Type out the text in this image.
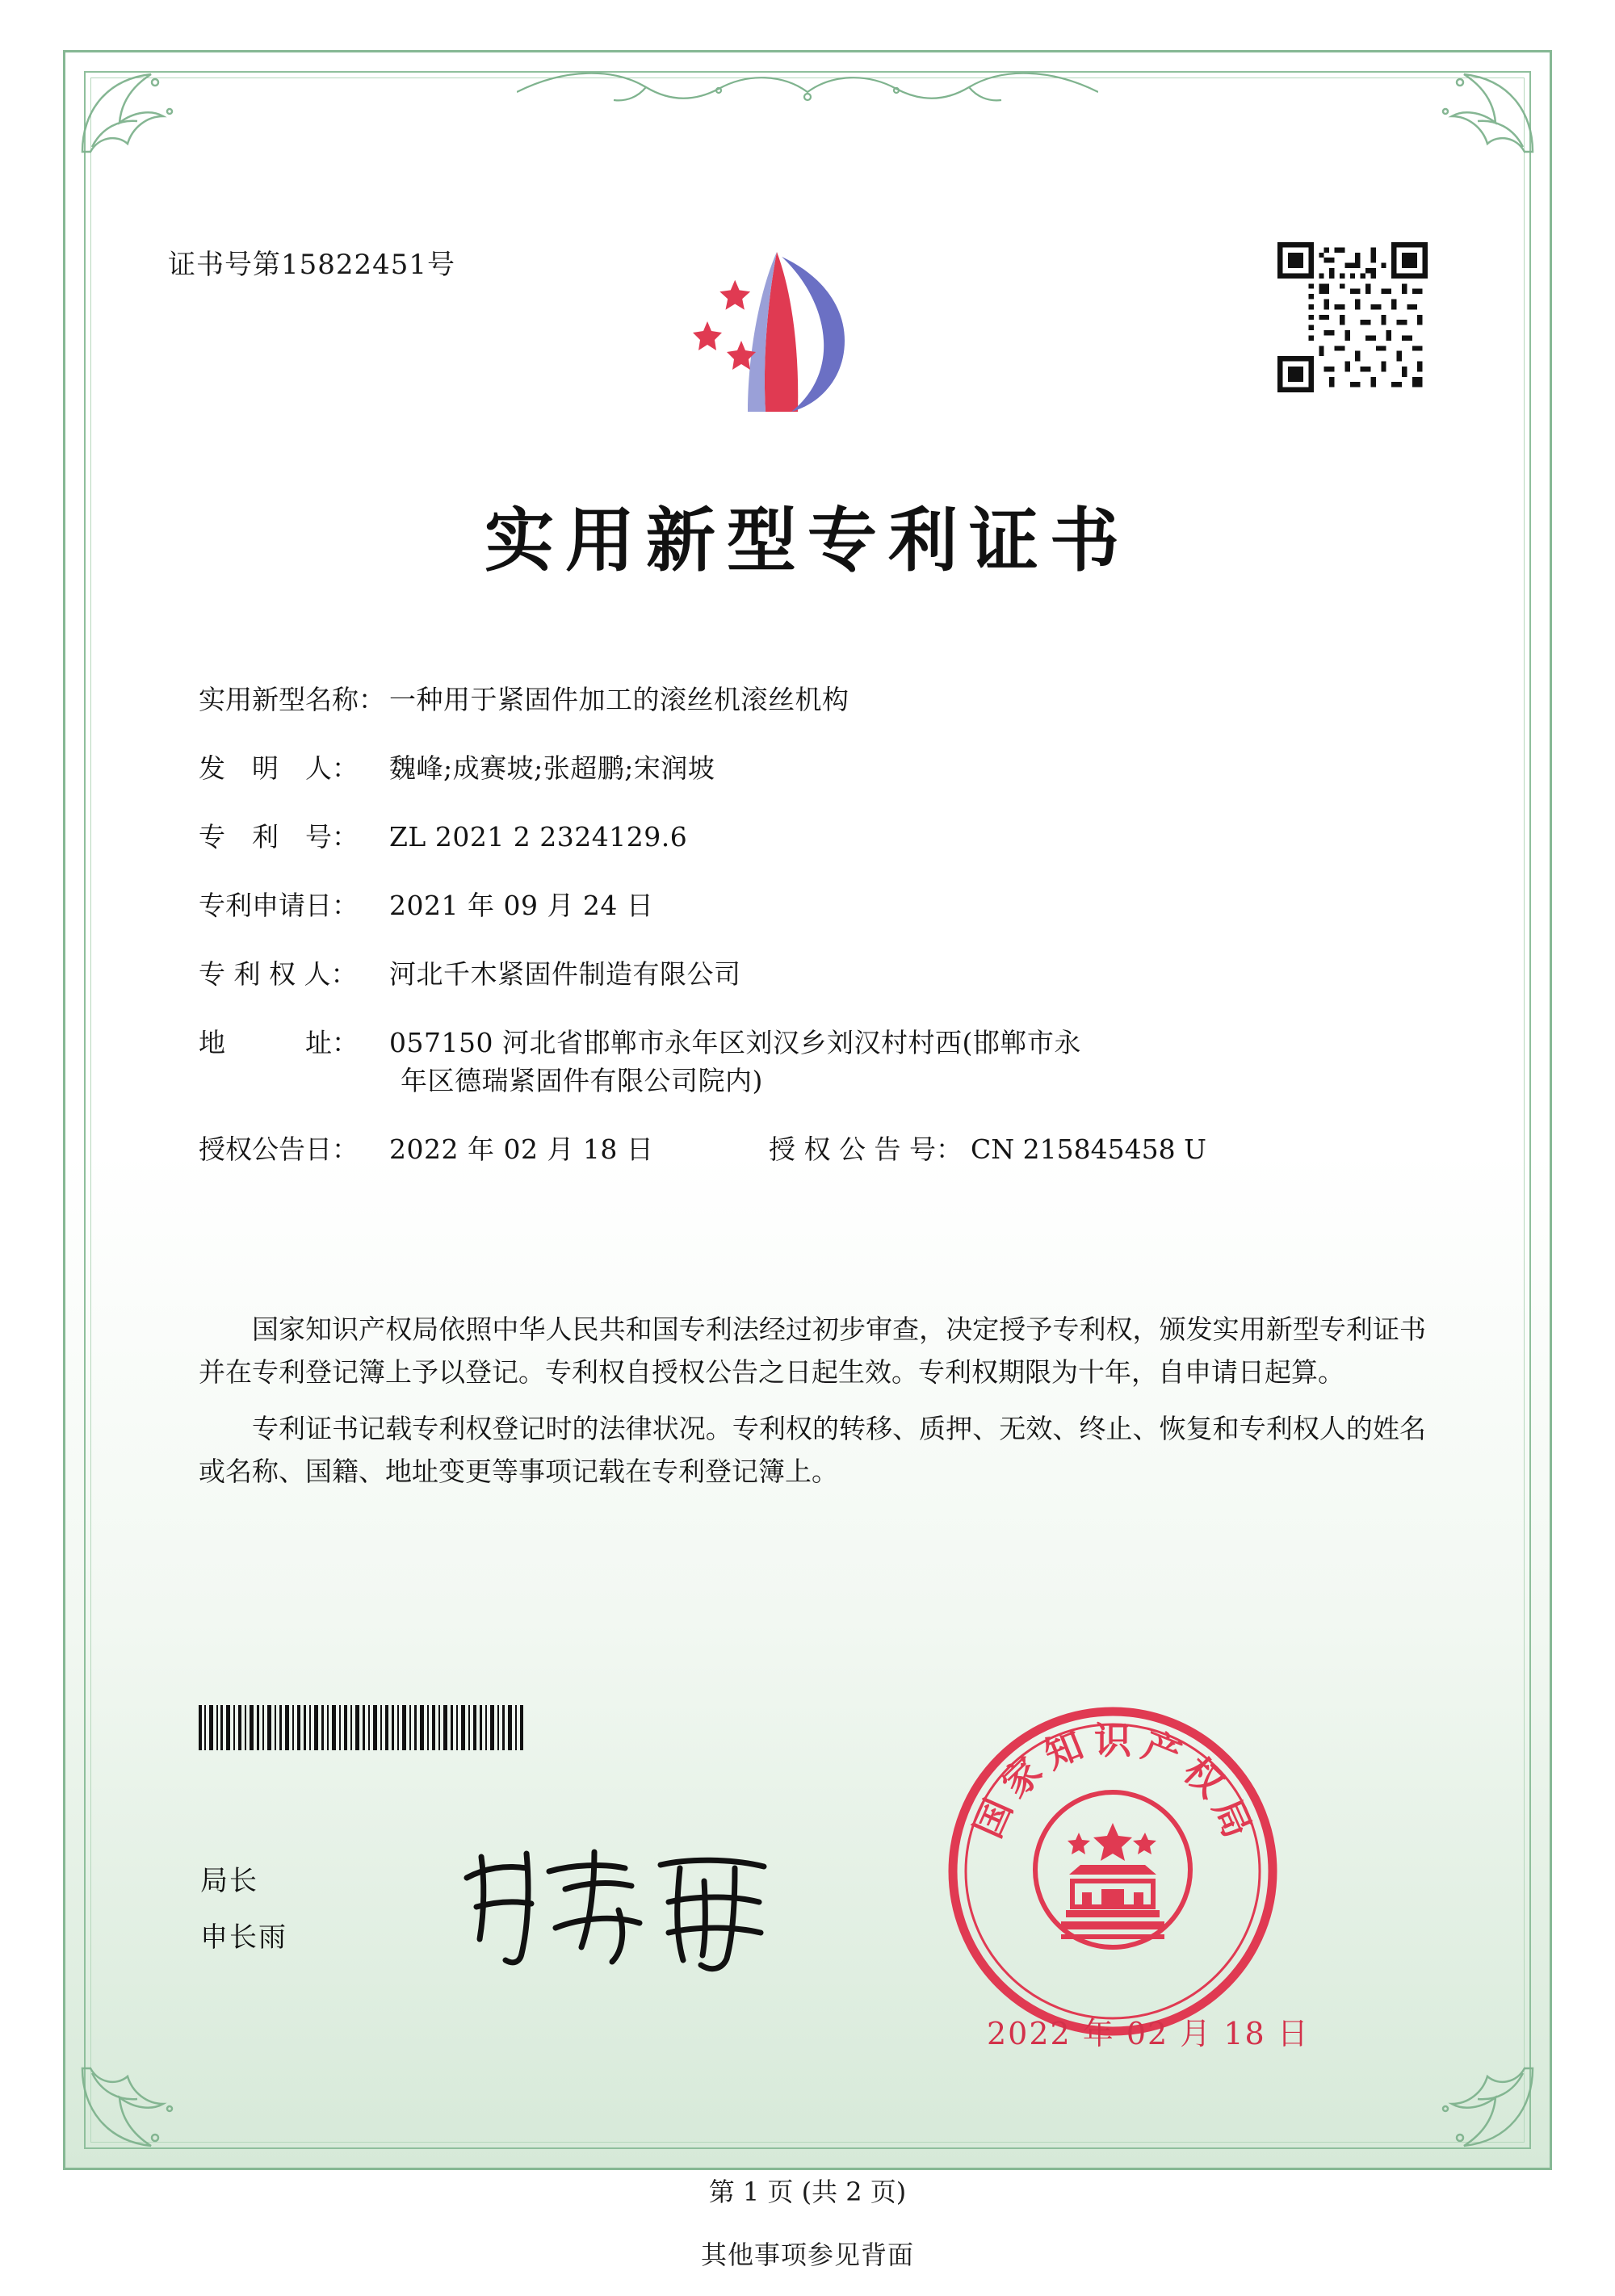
证书号第15822451号
实用新型专利证书
实用新型名称： 一种用于紧固件加工的滚丝机滚丝机构
发　明　人：	魏峰;成赛坡;张超鹏;宋润坡
专　利　号：	ZL 2021 2 2324129.6
专利申请日：	2021 年 09 月 24 日
专 利 权 人：	河北千木紧固件制造有限公司
地　　　址：	057150 河北省邯郸市永年区刘汉乡刘汉村村西(邯郸市永
年区德瑞紧固件有限公司院内)
授权公告日：	2022 年 02 月 18 日	授 权 公 告 号： CN 215845458 U

国家知识产权局依照中华人民共和国专利法经过初步审查，决定授予专利权，颁发实用新型专利证书并在专利登记簿上予以登记。专利权自授权公告之日起生效。专利权期限为十年，自申请日起算。

专利证书记载专利权登记时的法律状况。专利权的转移、质押、无效、终止、恢复和专利权人的姓名或名称、国籍、地址变更等事项记载在专利登记簿上。

局长
申长雨
国
家
知 识 产
权
局
2022 年 02 月 18 日
第 1 页 (共 2 页)
其他事项参见背面
